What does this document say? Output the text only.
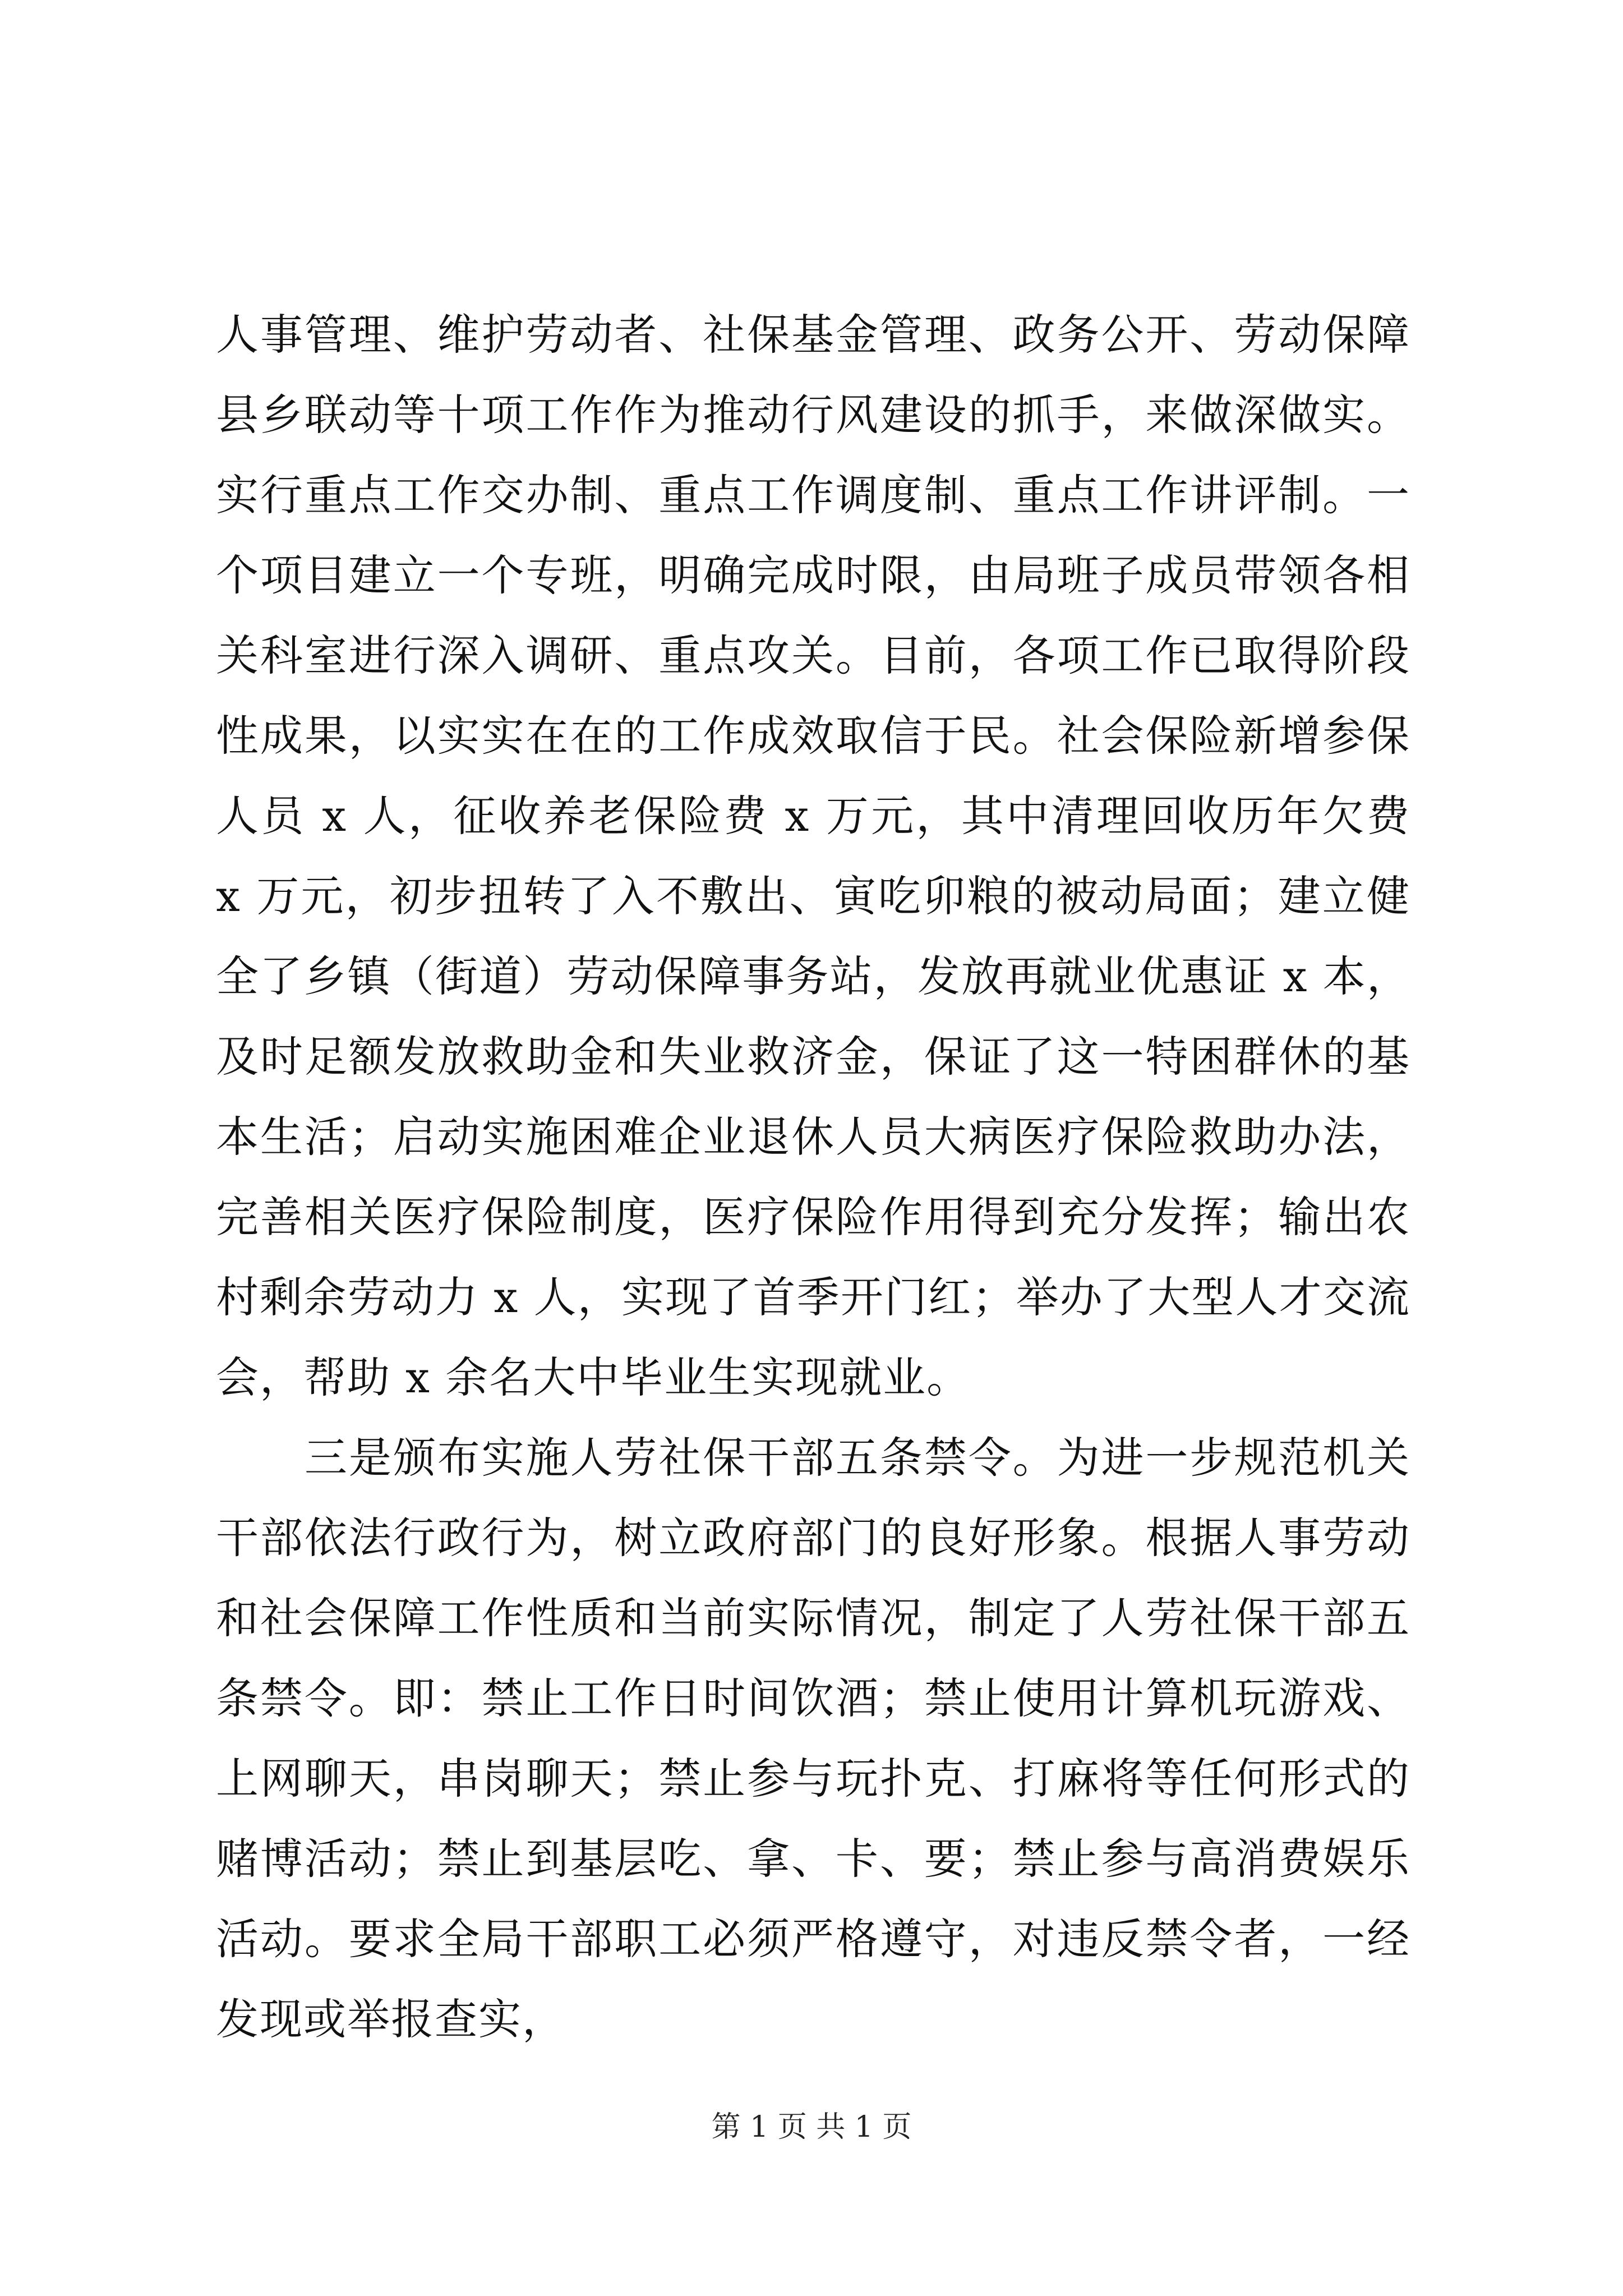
人事管理、维护劳动者、社保基金管理、政务公开、劳动保障县乡联动等十项工作作为推动行风建设的抓手，来做深做实。实行重点工作交办制、重点工作调度制、重点工作讲评制。一个项目建立一个专班，明确完成时限，由局班子成员带领各相关科室进行深入调研、重点攻关。目前，各项工作已取得阶段性成果，以实实在在的工作成效取信于民。社会保险新增参保人员 x 人，征收养老保险费 x 万元，其中清理回收历年欠费 x 万元，初步扭转了入不敷出、寅吃卯粮的被动局面；建立健全了乡镇（街道）劳动保障事务站，发放再就业优惠证 x 本，及时足额发放救助金和失业救济金，保证了这一特困群休的基本生活；启动实施困难企业退休人员大病医疗保险救助办法，完善相关医疗保险制度，医疗保险作用得到充分发挥；输出农村剩余劳动力 x 人，实现了首季开门红；举办了大型人才交流会，帮助 x 余名大中毕业生实现就业。

三是颁布实施人劳社保干部五条禁令。为进一步规范机关干部依法行政行为，树立政府部门的良好形象。根据人事劳动和社会保障工作性质和当前实际情况，制定了人劳社保干部五条禁令。即：禁止工作日时间饮酒；禁止使用计算机玩游戏、上网聊天，串岗聊天；禁止参与玩扑克、打麻将等任何形式的赌博活动；禁止到基层吃、拿、卡、要；禁止参与高消费娱乐活动。要求全局干部职工必须严格遵守，对违反禁令者，一经发现或举报查实，

第 1 页 共 1 页
